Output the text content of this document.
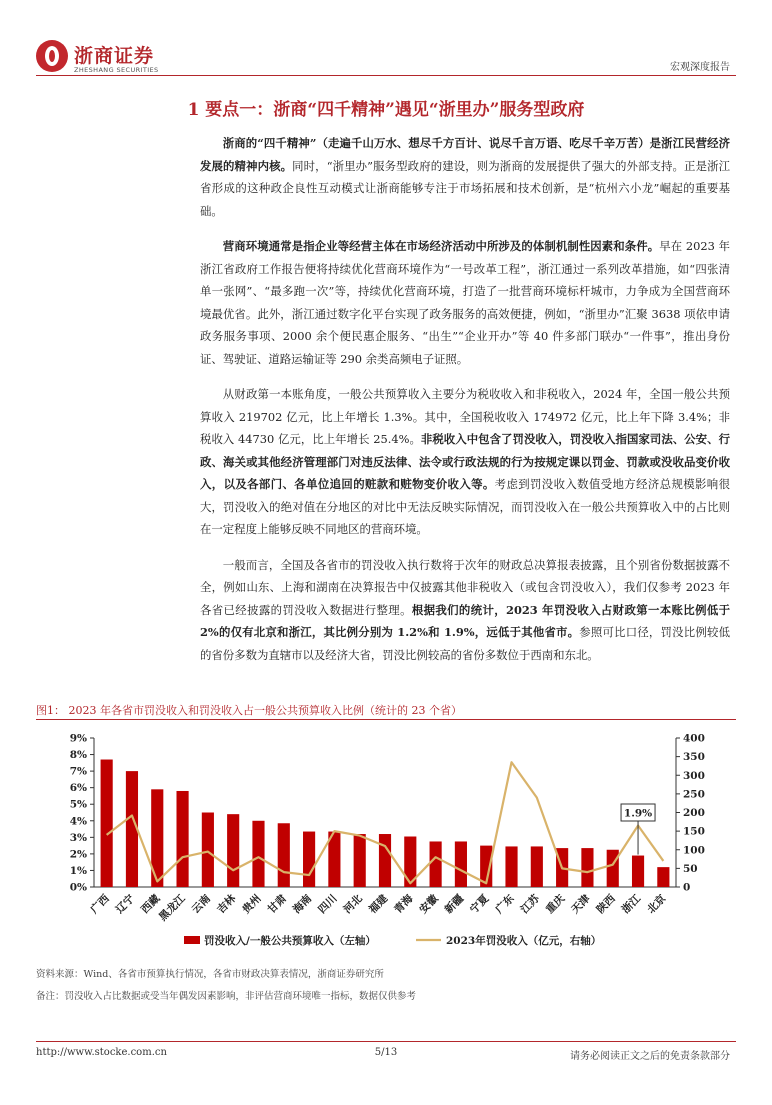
浙商证券
ZHESHANG SECURITIES	宏观深度报告
1 要点一：浙商“四千精神”遇见“浙里办”服务型政府

浙商的“四千精神”（走遍千山万水、想尽千方百计、说尽千言万语、吃尽千辛万苦）是浙江民营经济发展的精神内核。同时，“浙里办”服务型政府的建设，则为浙商的发展提供了强大的外部支持。正是浙江省形成的这种政企良性互动模式让浙商能够专注于市场拓展和技术创新，是“杭州六小龙”崛起的重要基础。

营商环境通常是指企业等经营主体在市场经济活动中所涉及的体制机制性因素和条件。早在 2023 年浙江省政府工作报告便将持续优化营商环境作为“一号改革工程”，浙江通过一系列改革措施，如“四张清单一张网”、“最多跑一次”等，持续优化营商环境，打造了一批营商环境标杆城市，力争成为全国营商环境最优省。此外，浙江通过数字化平台实现了政务服务的高效便捷，例如，“浙里办”汇聚 3638 项依申请政务服务事项、2000 余个便民惠企服务、“出生”“企业开办”等 40 件多部门联办“一件事”，推出身份证、驾驶证、道路运输证等 290 余类高频电子证照。

从财政第一本账角度，一般公共预算收入主要分为税收收入和非税收入，2024 年，全国一般公共预算收入 219702 亿元，比上年增长 1.3%。其中，全国税收收入 174972 亿元，比上年下降 3.4%；非税收入 44730 亿元，比上年增长 25.4%。非税收入中包含了罚没收入，罚没收入指国家司法、公安、行政、海关或其他经济管理部门对违反法律、法令或行政法规的行为按规定课以罚金、罚款或没收品变价收入，以及各部门、各单位追回的赃款和赃物变价收入等。考虑到罚没收入数值受地方经济总规模影响很大，罚没收入的绝对值在分地区的对比中无法反映实际情况，而罚没收入在一般公共预算收入中的占比则在一定程度上能够反映不同地区的营商环境。

一般而言，全国及各省市的罚没收入执行数将于次年的财政总决算报表披露，且个别省份数据披露不全，例如山东、上海和湖南在决算报告中仅披露其他非税收入（或包含罚没收入），我们仅参考 2023 年各省已经披露的罚没收入数据进行整理。根据我们的统计，2023 年罚没收入占财政第一本账比例低于 2%的仅有北京和浙江，其比例分别为 1.2%和 1.9%，远低于其他省市。参照可比口径，罚没比例较低的省份多数为直辖市以及经济大省，罚没比例较高的省份多数位于西南和东北。

图1： 2023 年各省市罚没收入和罚没收入占一般公共预算收入比例（统计的 23 个省）
0%
1%
2%
3%
4%
5%
6%
7%
8%
9%
0
50
100
150
200
250
300
350
400
广西 辽宁 西藏
黑龙江 云南 吉林 贵州 甘肃 海南 四川 河北 福建 青海 安徽 新疆 宁夏 广东 江苏 重庆 天津 陕西 浙江 北京
1.9%
罚没收入/一般公共预算收入（左轴）	2023年罚没收入（亿元，右轴）
资料来源：Wind、各省市预算执行情况，各省市财政决算表情况，浙商证券研究所
备注：罚没收入占比数据或受当年偶发因素影响，非评估营商环境唯一指标，数据仅供参考
http://www.stocke.com.cn	5/13	请务必阅读正文之后的免责条款部分
